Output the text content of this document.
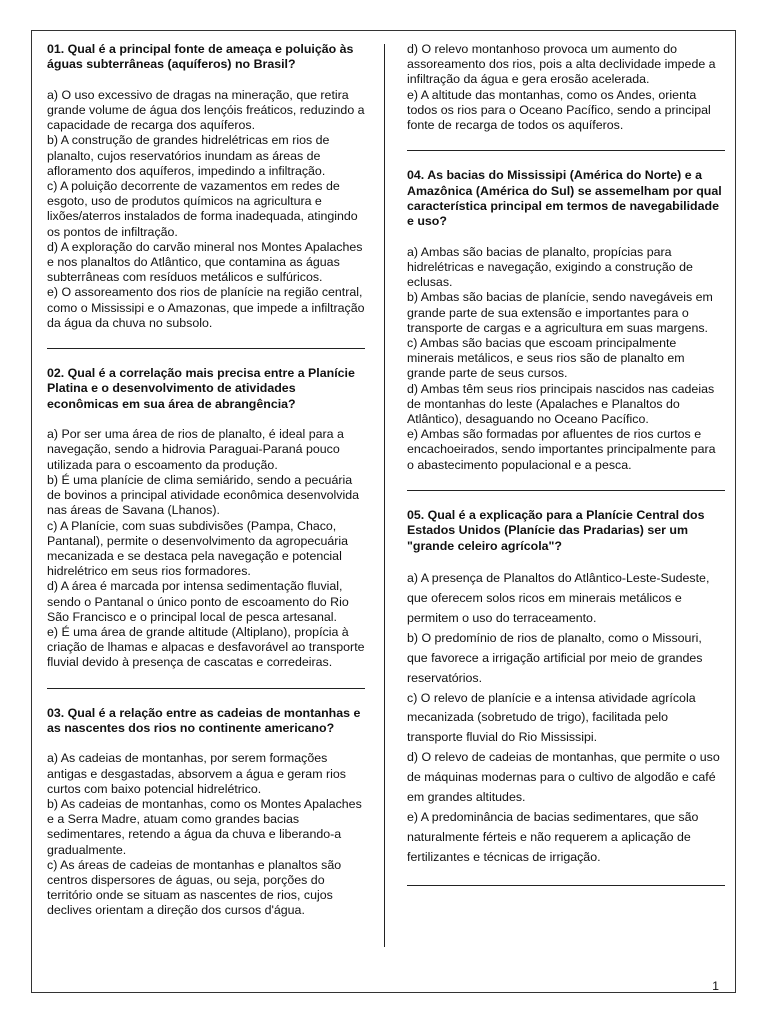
01. Qual é a principal fonte de ameaça e poluição às águas subterrâneas (aquíferos) no Brasil?

a) O uso excessivo de dragas na mineração, que retira grande volume de água dos lençóis freáticos, reduzindo a capacidade de recarga dos aquíferos.

b) A construção de grandes hidrelétricas em rios de planalto, cujos reservatórios inundam as áreas de afloramento dos aquíferos, impedindo a infiltração.

c) A poluição decorrente de vazamentos em redes de esgoto, uso de produtos químicos na agricultura e lixões/aterros instalados de forma inadequada, atingindo os pontos de infiltração.

d) A exploração do carvão mineral nos Montes Apalaches e nos planaltos do Atlântico, que contamina as águas subterrâneas com resíduos metálicos e sulfúricos.

e) O assoreamento dos rios de planície na região central, como o Mississipi e o Amazonas, que impede a infiltração da água da chuva no subsolo.

02. Qual é a correlação mais precisa entre a Planície Platina e o desenvolvimento de atividades econômicas em sua área de abrangência?

a) Por ser uma área de rios de planalto, é ideal para a navegação, sendo a hidrovia Paraguai-Paraná pouco utilizada para o escoamento da produção.

b) É uma planície de clima semiárido, sendo a pecuária de bovinos a principal atividade econômica desenvolvida nas áreas de Savana (Lhanos).

c) A Planície, com suas subdivisões (Pampa, Chaco, Pantanal), permite o desenvolvimento da agropecuária mecanizada e se destaca pela navegação e potencial hidrelétrico em seus rios formadores.

d) A área é marcada por intensa sedimentação fluvial, sendo o Pantanal o único ponto de escoamento do Rio São Francisco e o principal local de pesca artesanal.

e) É uma área de grande altitude (Altiplano), propícia à criação de lhamas e alpacas e desfavorável ao transporte fluvial devido à presença de cascatas e corredeiras.

03. Qual é a relação entre as cadeias de montanhas e as nascentes dos rios no continente americano?

a) As cadeias de montanhas, por serem formações antigas e desgastadas, absorvem a água e geram rios curtos com baixo potencial hidrelétrico.

b) As cadeias de montanhas, como os Montes Apalaches e a Serra Madre, atuam como grandes bacias sedimentares, retendo a água da chuva e liberando-a gradualmente.

c) As áreas de cadeias de montanhas e planaltos são centros dispersores de águas, ou seja, porções do território onde se situam as nascentes de rios, cujos declives orientam a direção dos cursos d'água.

d) O relevo montanhoso provoca um aumento do assoreamento dos rios, pois a alta declividade impede a infiltração da água e gera erosão acelerada.

e) A altitude das montanhas, como os Andes, orienta todos os rios para o Oceano Pacífico, sendo a principal fonte de recarga de todos os aquíferos.

04. As bacias do Mississipi (América do Norte) e a Amazônica (América do Sul) se assemelham por qual característica principal em termos de navegabilidade e uso?

a) Ambas são bacias de planalto, propícias para hidrelétricas e navegação, exigindo a construção de eclusas.

b) Ambas são bacias de planície, sendo navegáveis em grande parte de sua extensão e importantes para o transporte de cargas e a agricultura em suas margens.

c) Ambas são bacias que escoam principalmente minerais metálicos, e seus rios são de planalto em grande parte de seus cursos.

d) Ambas têm seus rios principais nascidos nas cadeias de montanhas do leste (Apalaches e Planaltos do Atlântico), desaguando no Oceano Pacífico.

e) Ambas são formadas por afluentes de rios curtos e encachoeirados, sendo importantes principalmente para o abastecimento populacional e a pesca.

05. Qual é a explicação para a Planície Central dos Estados Unidos (Planície das Pradarias) ser um "grande celeiro agrícola"?

a) A presença de Planaltos do Atlântico-Leste-Sudeste, que oferecem solos ricos em minerais metálicos e permitem o uso do terraceamento.

b) O predomínio de rios de planalto, como o Missouri, que favorece a irrigação artificial por meio de grandes reservatórios.

c) O relevo de planície e a intensa atividade agrícola mecanizada (sobretudo de trigo), facilitada pelo transporte fluvial do Rio Mississipi.

d) O relevo de cadeias de montanhas, que permite o uso de máquinas modernas para o cultivo de algodão e café em grandes altitudes.

e) A predominância de bacias sedimentares, que são naturalmente férteis e não requerem a aplicação de fertilizantes e técnicas de irrigação.

1
